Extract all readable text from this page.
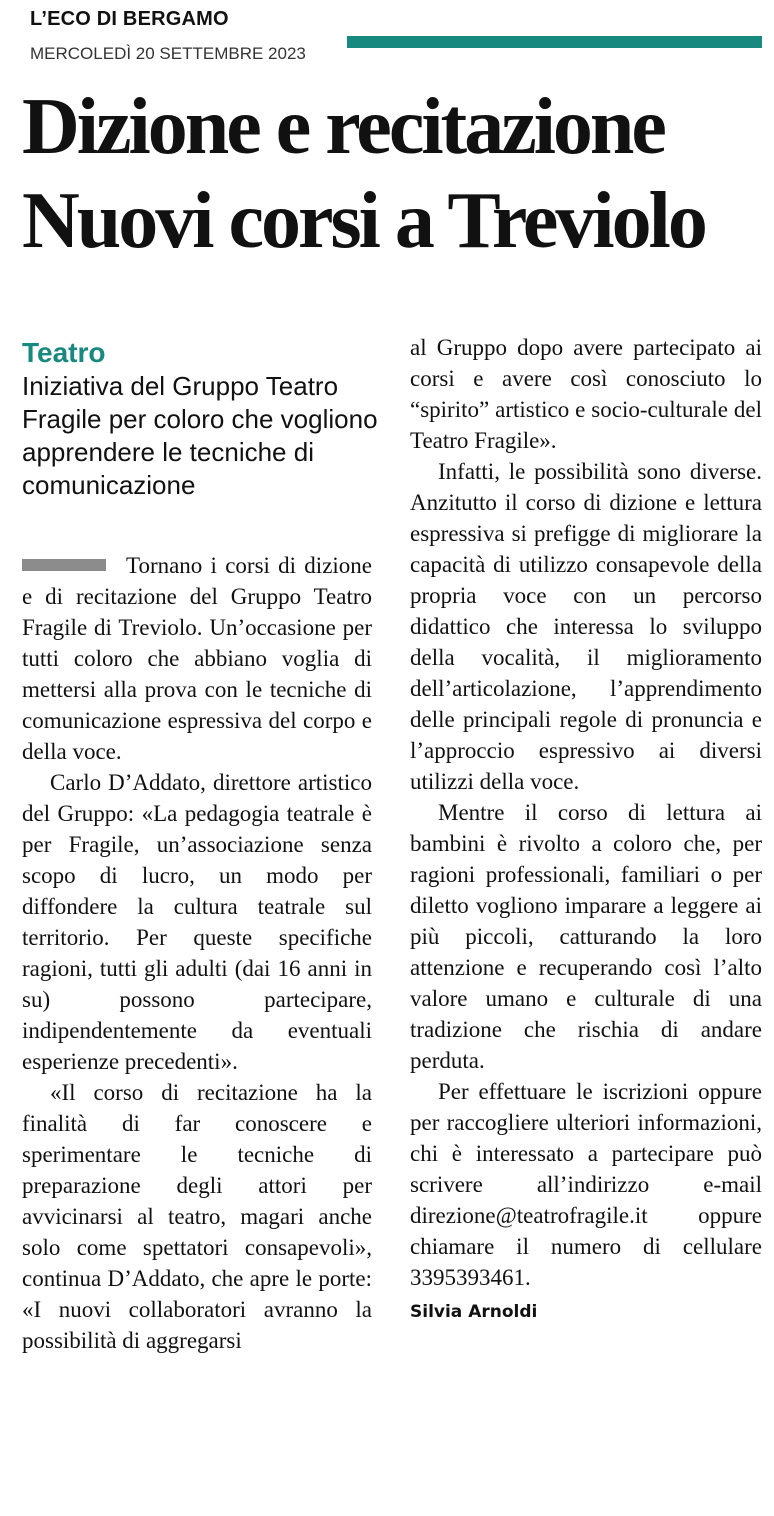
L’ECO DI BERGAMO
MERCOLEDÌ 20 SETTEMBRE 2023
Dizione e recitazione
Nuovi corsi a Treviolo
Teatro
Iniziativa del Gruppo Teatro Fragile per coloro che vogliono apprendere le tecniche di comunicazione

Tornano i corsi di dizione e di recitazione del Gruppo Teatro Fragile di Treviolo. Un’occasione per tutti coloro che abbiano voglia di mettersi alla prova con le tecniche di comunicazione espressiva del corpo e della voce.

Carlo D’Addato, direttore artistico del Gruppo: «La pedagogia teatrale è per Fragile, un’associazione senza scopo di lucro, un modo per diffondere la cultura teatrale sul territorio. Per queste specifiche ragioni, tutti gli adulti (dai 16 anni in su) possono partecipare, indipendentemente da eventuali esperienze precedenti».

«Il corso di recitazione ha la finalità di far conoscere e sperimentare le tecniche di preparazione degli attori per avvicinarsi al teatro, magari anche solo come spettatori consapevoli», continua D’Addato, che apre le porte: «I nuovi collaboratori avranno la possibilità di aggregarsi

al Gruppo dopo avere partecipato ai corsi e avere così conosciuto lo “spirito” artistico e socio-culturale del Teatro Fragile».

Infatti, le possibilità sono diverse. Anzitutto il corso di dizione e lettura espressiva si prefigge di migliorare la capacità di utilizzo consapevole della propria voce con un percorso didattico che interessa lo sviluppo della vocalità, il miglioramento dell’articolazione, l’apprendimento delle principali regole di pronuncia e l’approccio espressivo ai diversi utilizzi della voce.

Mentre il corso di lettura ai bambini è rivolto a coloro che, per ragioni professionali, familiari o per diletto vogliono imparare a leggere ai più piccoli, catturando la loro attenzione e recuperando così l’alto valore umano e culturale di una tradizione che rischia di andare perduta.

Per effettuare le iscrizioni oppure per raccogliere ulteriori informazioni, chi è interessato a partecipare può scrivere all’indirizzo e-mail direzione@teatrofragile.it oppure chiamare il numero di cellulare 3395393461.

Silvia Arnoldi
